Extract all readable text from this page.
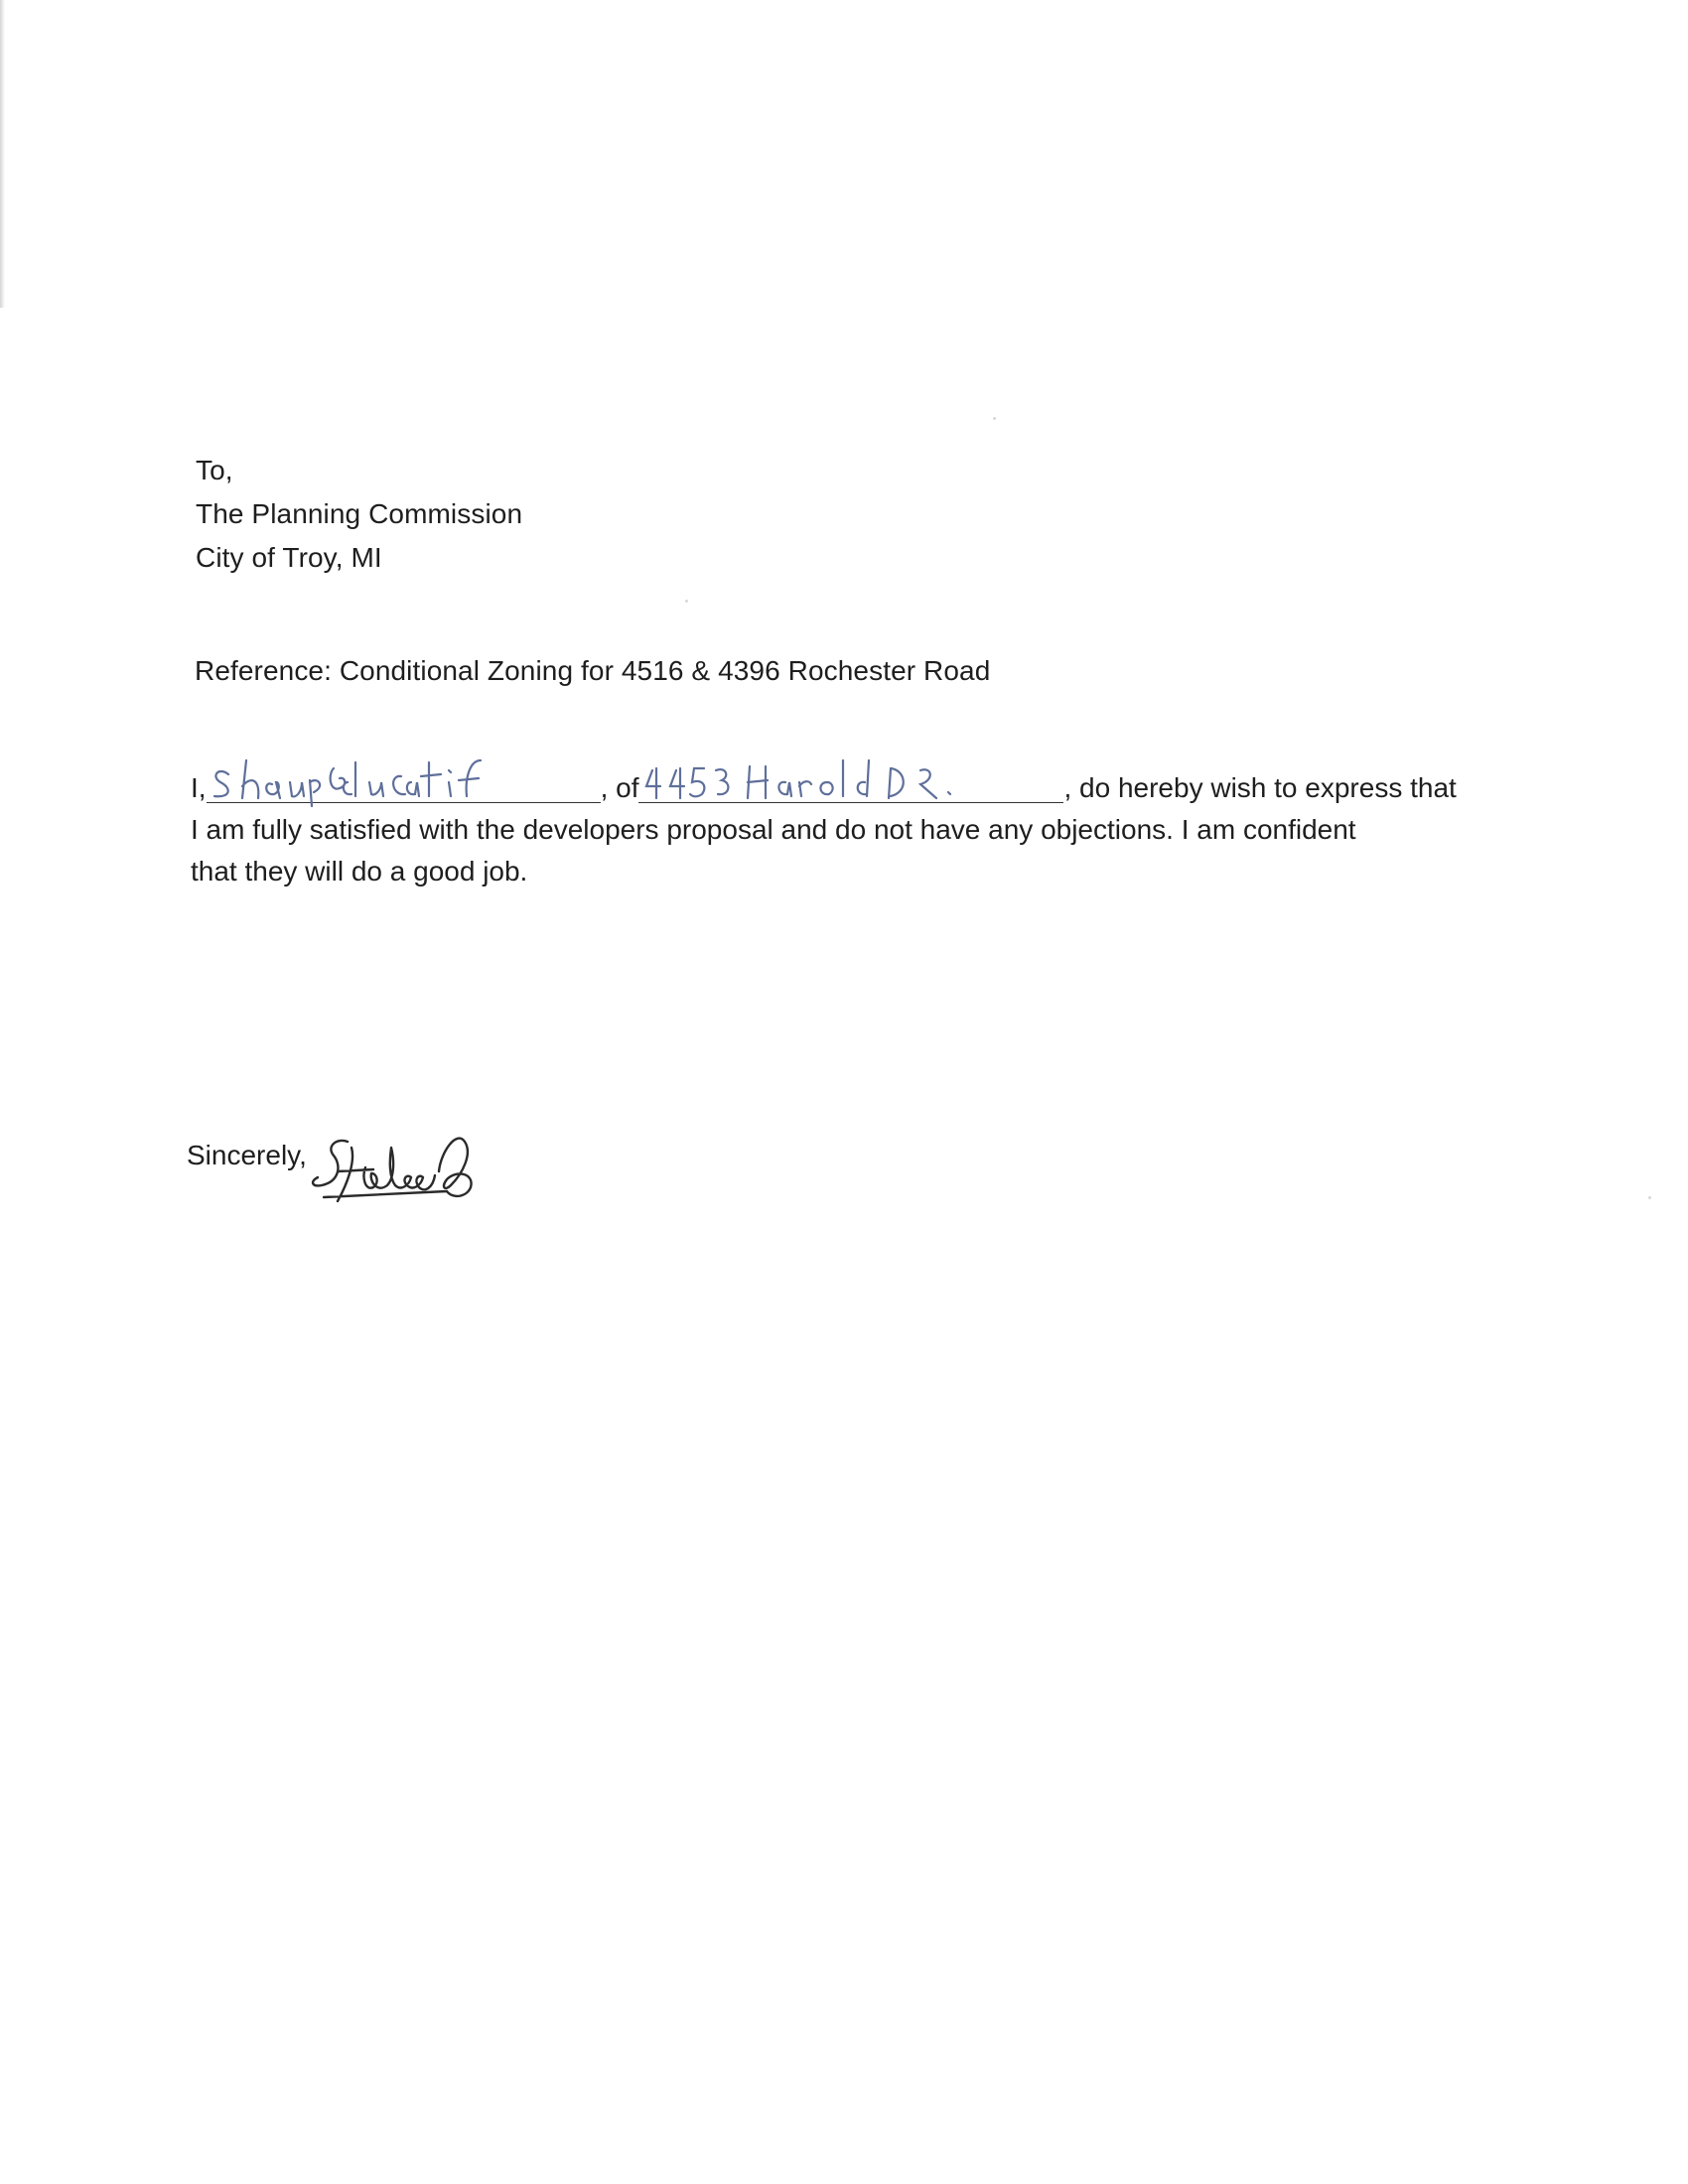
To,
The Planning Commission
City of Troy, MI
Reference: Conditional Zoning for 4516 & 4396 Rochester Road
I,	, of	, do hereby wish to express that
I am fully satisfied with the developers proposal and do not have any objections. I am confident
that they will do a good job.
Sincerely,
